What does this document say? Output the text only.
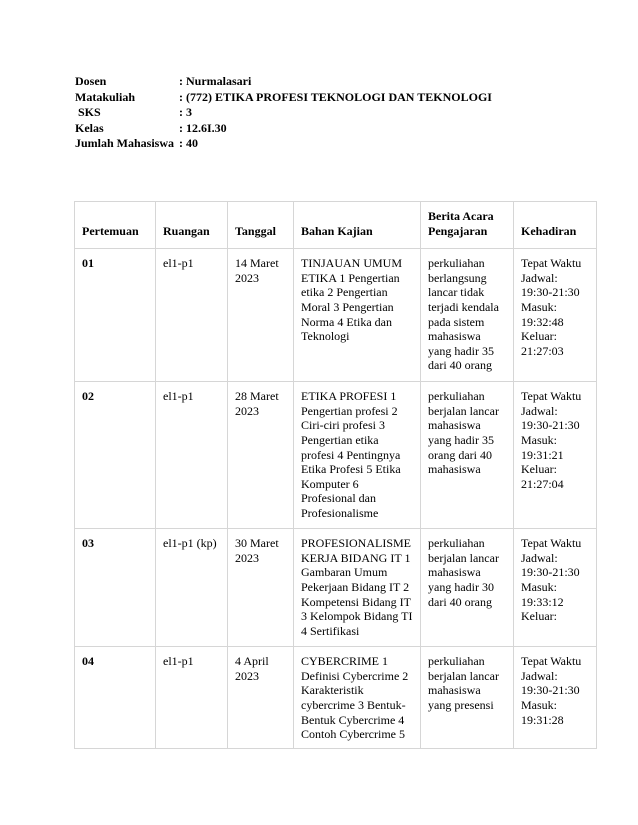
Dosen	: Nurmalasari
Matakuliah	: (772) ETIKA PROFESI TEKNOLOGI DAN TEKNOLOGI
SKS	: 3
Kelas	: 12.6I.30
Jumlah Mahasiswa : 40
Pertemuan	Ruangan	Tanggal	Bahan Kajian	Berita Acara Pengajaran	Kehadiran
01	el1-p1	14 Maret 2023	TINJAUAN UMUM ETIKA 1 Pengertian etika 2 Pengertian Moral 3 Pengertian Norma 4 Etika dan Teknologi	perkuliahan berlangsung lancar tidak terjadi kendala pada sistem mahasiswa yang hadir 35 dari 40 orang	Tepat Waktu Jadwal: 19:30-21:30 Masuk: 19:32:48 Keluar: 21:27:03
02	el1-p1	28 Maret 2023	ETIKA PROFESI 1 Pengertian profesi 2 Ciri-ciri profesi 3 Pengertian etika profesi 4 Pentingnya Etika Profesi 5 Etika Komputer 6 Profesional dan Profesionalisme	perkuliahan berjalan lancar mahasiswa yang hadir 35 orang dari 40 mahasiswa	Tepat Waktu Jadwal: 19:30-21:30 Masuk: 19:31:21 Keluar: 21:27:04
03	el1-p1 (kp)	30 Maret 2023	PROFESIONALISME KERJA BIDANG IT 1 Gambaran Umum Pekerjaan Bidang IT 2 Kompetensi Bidang IT 3 Kelompok Bidang TI 4 Sertifikasi	perkuliahan berjalan lancar mahasiswa yang hadir 30 dari 40 orang	Tepat Waktu Jadwal: 19:30-21:30 Masuk: 19:33:12 Keluar:
04	el1-p1	4 April 2023	CYBERCRIME 1 Definisi Cybercrime 2 Karakteristik cybercrime 3 Bentuk-Bentuk Cybercrime 4 Contoh Cybercrime 5	perkuliahan berjalan lancar mahasiswa yang presensi	Tepat Waktu Jadwal: 19:30-21:30 Masuk: 19:31:28
